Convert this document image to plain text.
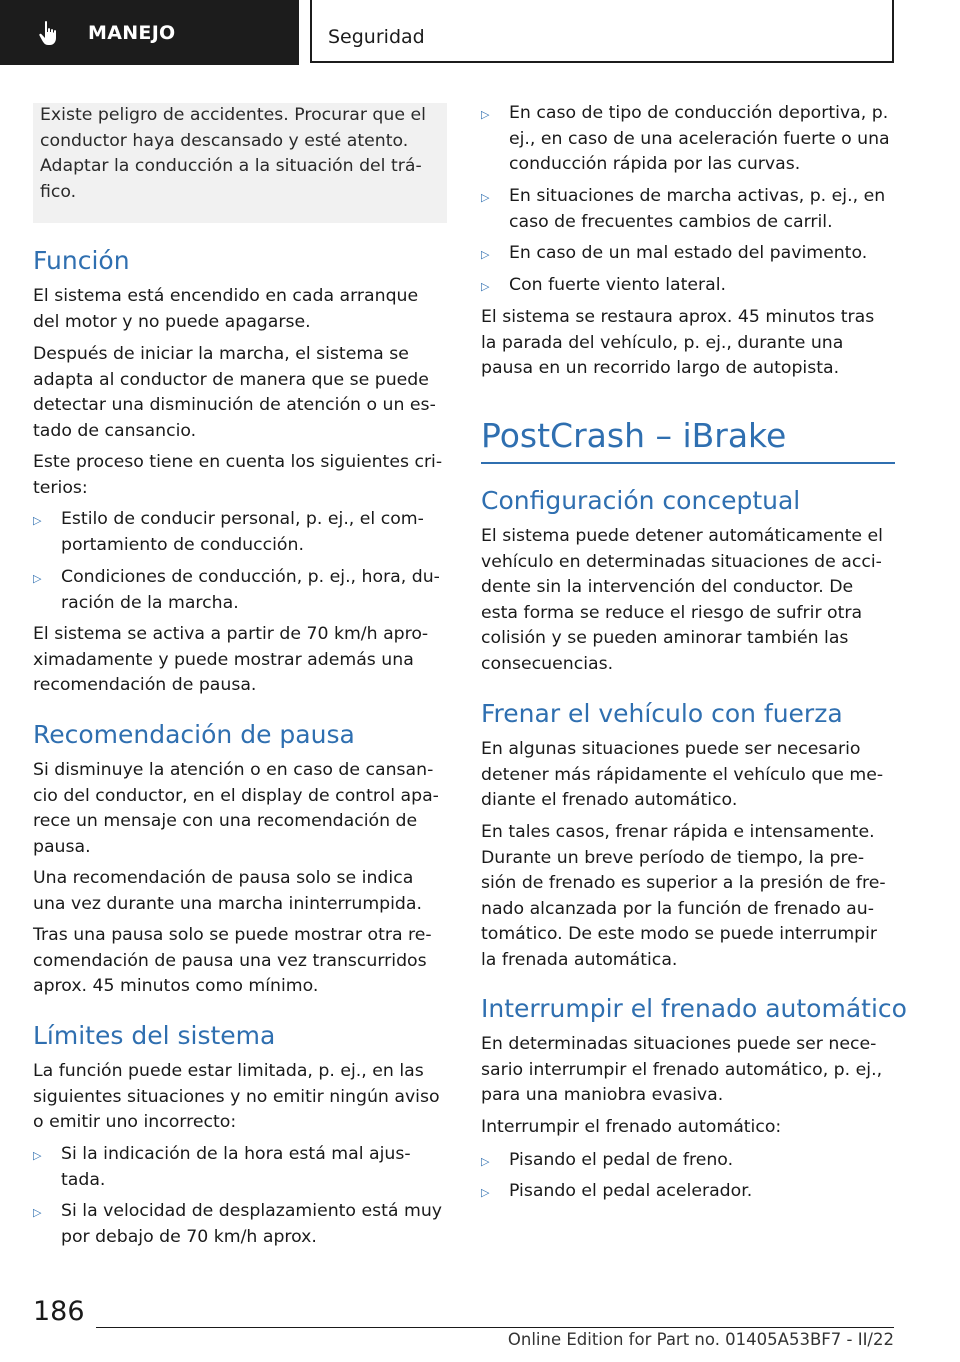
MANEJO	Seguridad
Existe peligro de accidentes. Procurar que el conductor haya descansado y esté atento. Adaptar la conducción a la situación del trá‐fico.
Función

El sistema está encendido en cada arranque del motor y no puede apagarse.

Después de iniciar la marcha, el sistema se adapta al conductor de manera que se puede detectar una disminución de atención o un es‐tado de cansancio.

Este proceso tiene en cuenta los siguientes cri‐terios:

▷	Estilo de conducir personal, p. ej., el com‐portamiento de conducción.
▷	Condiciones de conducción, p. ej., hora, du‐ración de la marcha.

El sistema se activa a partir de 70 km/h apro‐ximadamente y puede mostrar además una recomendación de pausa.

Recomendación de pausa

Si disminuye la atención o en caso de cansan‐cio del conductor, en el display de control apa‐rece un mensaje con una recomendación de pausa.

Una recomendación de pausa solo se indica una vez durante una marcha ininterrumpida.

Tras una pausa solo se puede mostrar otra re‐comendación de pausa una vez transcurridos aprox. 45 minutos como mínimo.

Límites del sistema

La función puede estar limitada, p. ej., en las siguientes situaciones y no emitir ningún aviso o emitir uno incorrecto:

▷	Si la indicación de la hora está mal ajus‐tada.
▷	Si la velocidad de desplazamiento está muy por debajo de 70 km/h aprox.
▷	En caso de tipo de conducción deportiva, p. ej., en caso de una aceleración fuerte o una conducción rápida por las curvas.
▷	En situaciones de marcha activas, p. ej., en caso de frecuentes cambios de carril.
▷	En caso de un mal estado del pavimento.
▷	Con fuerte viento lateral.

El sistema se restaura aprox. 45 minutos tras la parada del vehículo, p. ej., durante una pausa en un recorrido largo de autopista.

PostCrash – iBrake
Configuración conceptual

El sistema puede detener automáticamente el vehículo en determinadas situaciones de acci‐dente sin la intervención del conductor. De esta forma se reduce el riesgo de sufrir otra colisión y se pueden aminorar también las consecuencias.

Frenar el vehículo con fuerza

En algunas situaciones puede ser necesario detener más rápidamente el vehículo que me‐diante el frenado automático.

En tales casos, frenar rápida e intensamente. Durante un breve período de tiempo, la pre‐sión de frenado es superior a la presión de fre‐nado alcanzada por la función de frenado au‐tomático. De este modo se puede interrumpir la frenada automática.

Interrumpir el frenado automático

En determinadas situaciones puede ser nece‐sario interrumpir el frenado automático, p. ej., para una maniobra evasiva.

Interrumpir el frenado automático:

▷	Pisando el pedal de freno.
▷	Pisando el pedal acelerador.
186
Online Edition for Part no. 01405A53BF7 - II/22
